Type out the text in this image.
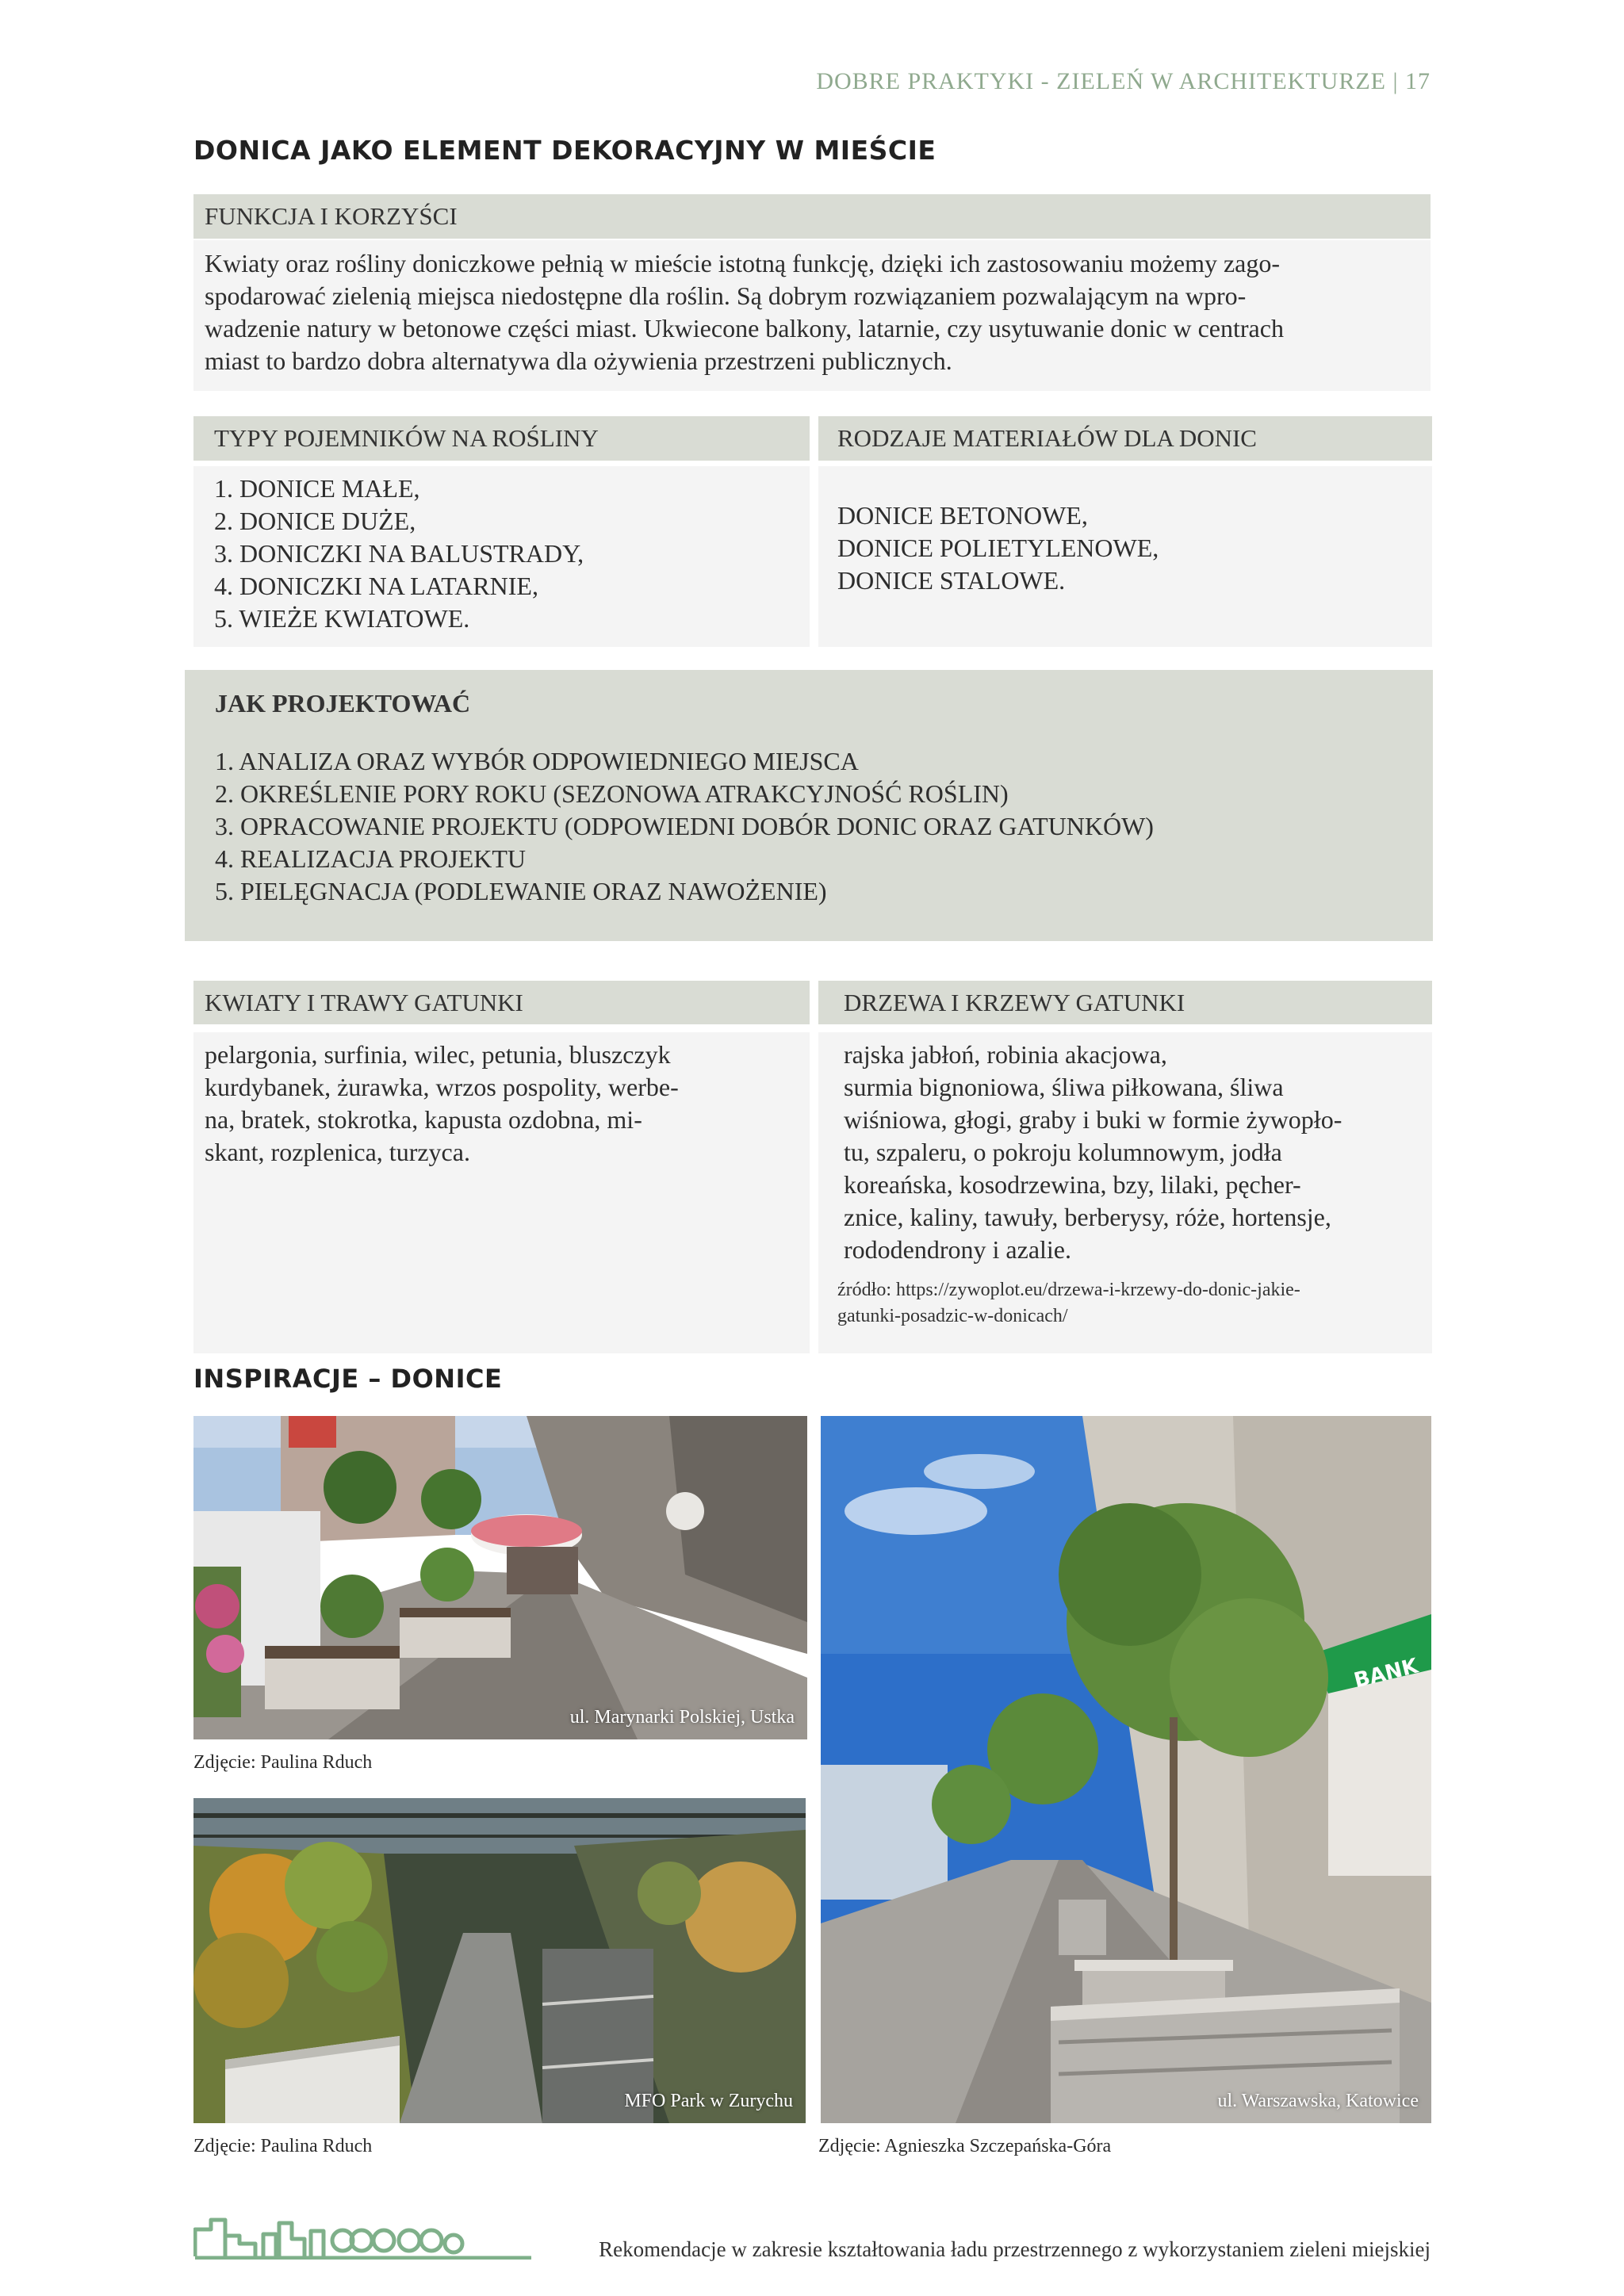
DOBRE PRAKTYKI - ZIELEŃ W ARCHITEKTURZE | 17
DONICA JAKO ELEMENT DEKORACYJNY W MIEŚCIE
FUNKCJA I KORZYŚCI
Kwiaty oraz rośliny doniczkowe pełnią w mieście istotną funkcję, dzięki ich zastosowaniu możemy zago-
spodarować zielenią miejsca niedostępne dla roślin. Są dobrym rozwiązaniem pozwalającym na wpro-
wadzenie natury w betonowe części miast. Ukwiecone balkony, latarnie, czy usytuwanie donic w centrach
miast to bardzo dobra alternatywa dla ożywienia przestrzeni publicznych.
TYPY POJEMNIKÓW NA ROŚLINY
1. DONICE MAŁE,
2. DONICE DUŻE,
3. DONICZKI NA BALUSTRADY,
4. DONICZKI NA LATARNIE,
5. WIEŻE KWIATOWE.
RODZAJE MATERIAŁÓW DLA DONIC
DONICE BETONOWE,
DONICE POLIETYLENOWE,
DONICE STALOWE.
JAK PROJEKTOWAĆ
1. ANALIZA ORAZ WYBÓR ODPOWIEDNIEGO MIEJSCA
2. OKREŚLENIE PORY ROKU (SEZONOWA ATRAKCYJNOŚĆ ROŚLIN)
3. OPRACOWANIE PROJEKTU (ODPOWIEDNI DOBÓR DONIC ORAZ GATUNKÓW)
4. REALIZACJA PROJEKTU
5. PIELĘGNACJA (PODLEWANIE ORAZ NAWOŻENIE)
KWIATY I TRAWY GATUNKI
pelargonia, surfinia, wilec, petunia, bluszczyk
kurdybanek, żurawka, wrzos pospolity, werbe-
na, bratek, stokrotka, kapusta ozdobna, mi-
skant, rozplenica, turzyca.
DRZEWA I KRZEWY GATUNKI
rajska jabłoń, robinia akacjowa,
surmia bignoniowa, śliwa piłkowana, śliwa
wiśniowa, głogi, graby i buki w formie żywopło-
tu, szpaleru, o pokroju kolumnowym, jodła
koreańska, kosodrzewina, bzy, lilaki, pęcher-
znice, kaliny, tawuły, berberysy, róże, hortensje,
rododendrony i azalie.
źródło: https://zywoplot.eu/drzewa-i-krzewy-do-donic-jakie-
gatunki-posadzic-w-donicach/
INSPIRACJE – DONICE
ul. Marynarki Polskiej, Ustka
Zdjęcie: Paulina Rduch
MFO Park w Zurychu
Zdjęcie: Paulina Rduch
BANK
ul. Warszawska, Katowice
Zdjęcie: Agnieszka Szczepańska-Góra
Rekomendacje w zakresie kształtowania ładu przestrzennego z wykorzystaniem zieleni miejskiej
